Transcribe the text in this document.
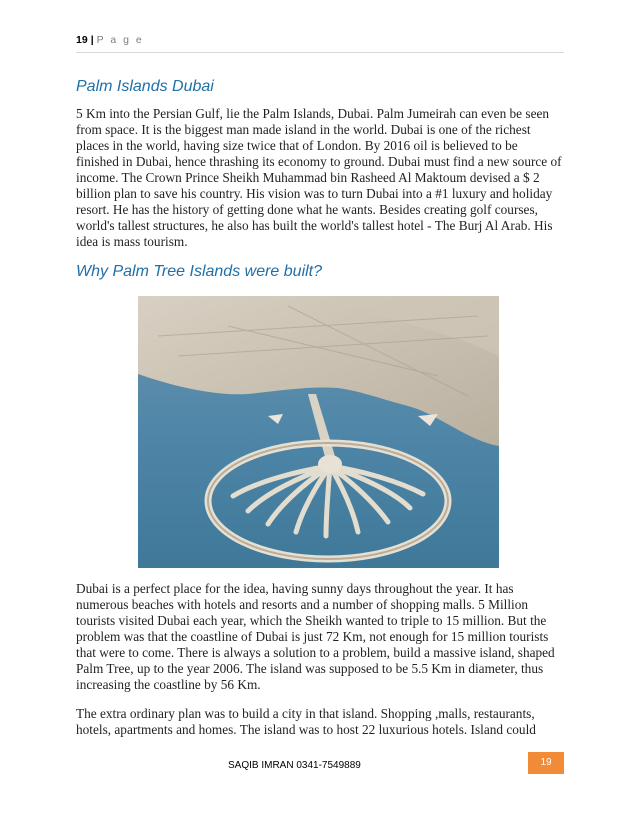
19 | P a g e
Palm Islands Dubai

5 Km into the Persian Gulf, lie the Palm Islands, Dubai. Palm Jumeirah can even be seen from space. It is the biggest man made island in the world. Dubai is one of the richest places in the world, having size twice that of London. By 2016 oil is believed to be finished in Dubai, hence thrashing its economy to ground. Dubai must find a new source of income. The Crown Prince Sheikh Muhammad bin Rasheed Al Maktoum devised a $ 2 billion plan to save his country. His vision was to turn Dubai into a #1 luxury and holiday resort. He has the history of getting done what he wants. Besides creating golf courses, world's tallest structures, he also has built the world's tallest hotel - The Burj Al Arab. His idea is mass tourism.

Why Palm Tree Islands were built?

Dubai is a perfect place for the idea, having sunny days throughout the year. It has numerous beaches with hotels and resorts and a number of shopping malls. 5 Million tourists visited Dubai each year, which the Sheikh wanted to triple to 15 million. But the problem was that the coastline of Dubai is just 72 Km, not enough for 15 million tourists that were to come. There is always a solution to a problem, build a massive island, shaped Palm Tree, up to the year 2006. The island was supposed to be 5.5 Km in diameter, thus increasing the coastline by 56 Km.

The extra ordinary plan was to build a city in that island. Shopping ,malls, restaurants, hotels, apartments and homes. The island was to host 22 luxurious hotels. Island could

SAQIB IMRAN 0341-7549889	19
